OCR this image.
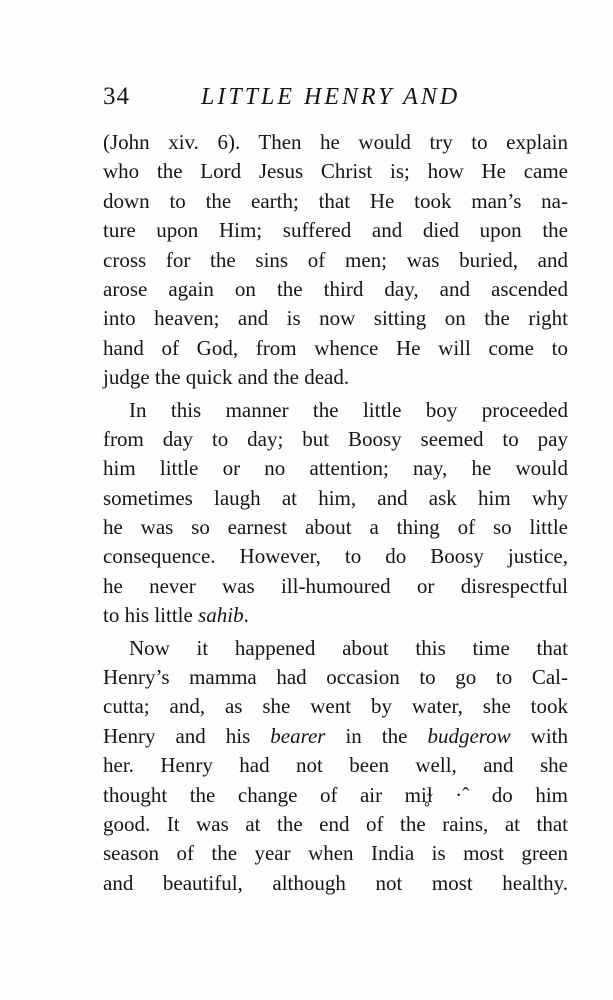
34	LITTLE HENRY AND
(John xiv. 6). Then he would try to explain
who the Lord Jesus Christ is; how He came
down to the earth; that He took man’s na-
ture upon Him; suffered and died upon the
cross for the sins of men; was buried, and
arose again on the third day, and ascended
into heaven; and is now sitting on the right
hand of God, from whence He will come to
judge the quick and the dead.
In this manner the little boy proceeded
from day to day; but Boosy seemed to pay
him little or no attention; nay, he would
sometimes laugh at him, and ask him why
he was so earnest about a thing of so little
consequence. However, to do Boosy justice,
he never was ill-humoured or disrespectful
to his little sahib.
Now it happened about this time that
Henry’s mamma had occasion to go to Cal-
cutta; and, as she went by water, she took
Henry and his bearer in the budgerow with
her. Henry had not been well, and she
thought the change of air mi̥ɫ ·ˆ do him
good. It was at the end of the rains, at that
season of the year when India is most green
and beautiful, although not most healthy.
